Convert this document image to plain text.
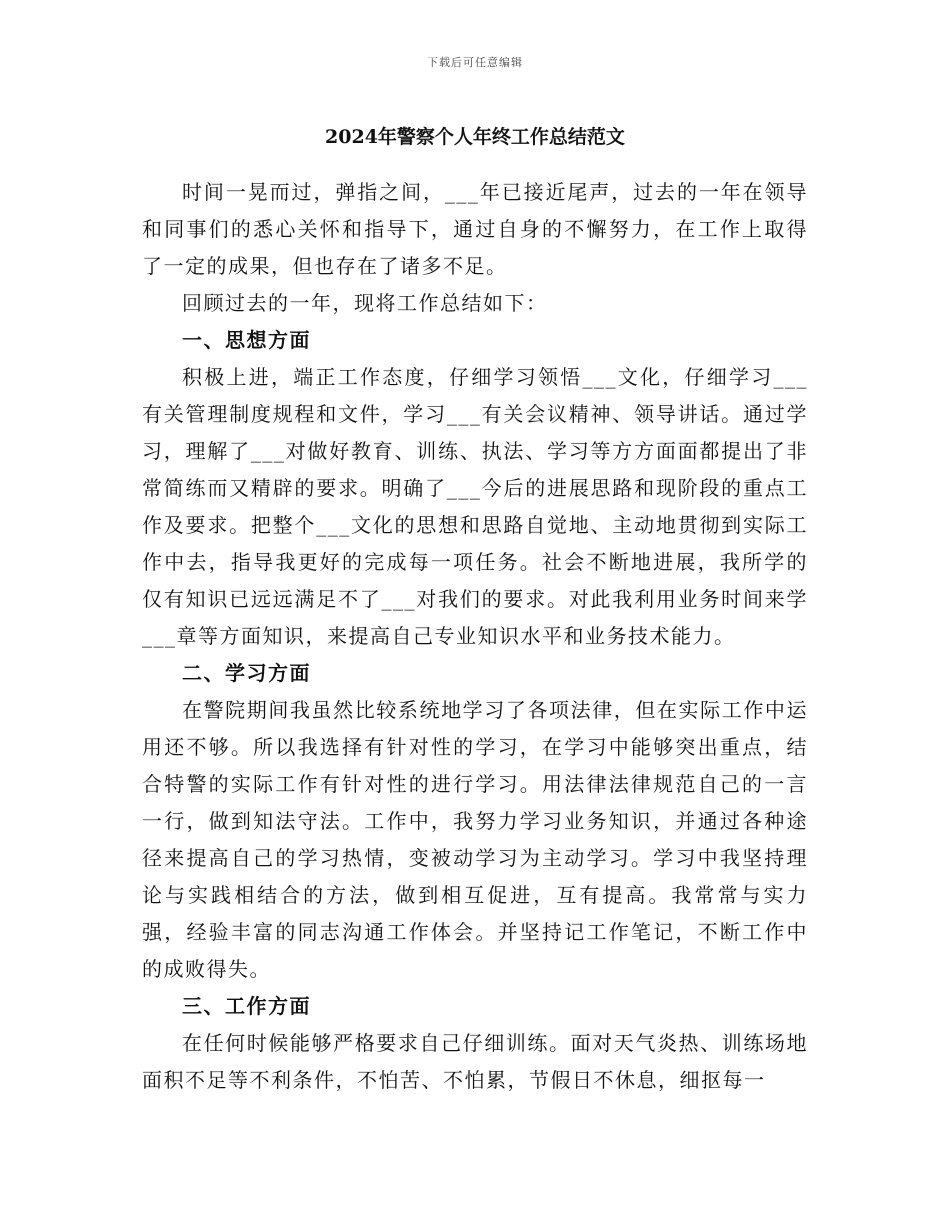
下载后可任意编辑
2024年警察个人年终工作总结范文

时间一晃而过，弹指之间，___年已接近尾声，过去的一年在领导和同事们的悉心关怀和指导下，通过自身的不懈努力，在工作上取得了一定的成果，但也存在了诸多不足。

回顾过去的一年，现将工作总结如下：

一、思想方面

积极上进，端正工作态度，仔细学习领悟___文化，仔细学习___有关管理制度规程和文件，学习___有关会议精神、领导讲话。通过学习，理解了___对做好教育、训练、执法、学习等方方面面都提出了非常简练而又精辟的要求。明确了___今后的进展思路和现阶段的重点工作及要求。把整个___文化的思想和思路自觉地、主动地贯彻到实际工作中去，指导我更好的完成每一项任务。社会不断地进展，我所学的仅有知识已远远满足不了___对我们的要求。对此我利用业务时间来学___章等方面知识，来提高自己专业知识水平和业务技术能力。

二、学习方面

在警院期间我虽然比较系统地学习了各项法律，但在实际工作中运用还不够。所以我选择有针对性的学习，在学习中能够突出重点，结合特警的实际工作有针对性的进行学习。用法律法律规范自己的一言一行，做到知法守法。工作中，我努力学习业务知识，并通过各种途径来提高自己的学习热情，变被动学习为主动学习。学习中我坚持理论与实践相结合的方法，做到相互促进，互有提高。我常常与实力强，经验丰富的同志沟通工作体会。并坚持记工作笔记，不断工作中的成败得失。

三、工作方面

在任何时候能够严格要求自己仔细训练。面对天气炎热、训练场地面积不足等不利条件，不怕苦、不怕累，节假日不休息，细抠每一
